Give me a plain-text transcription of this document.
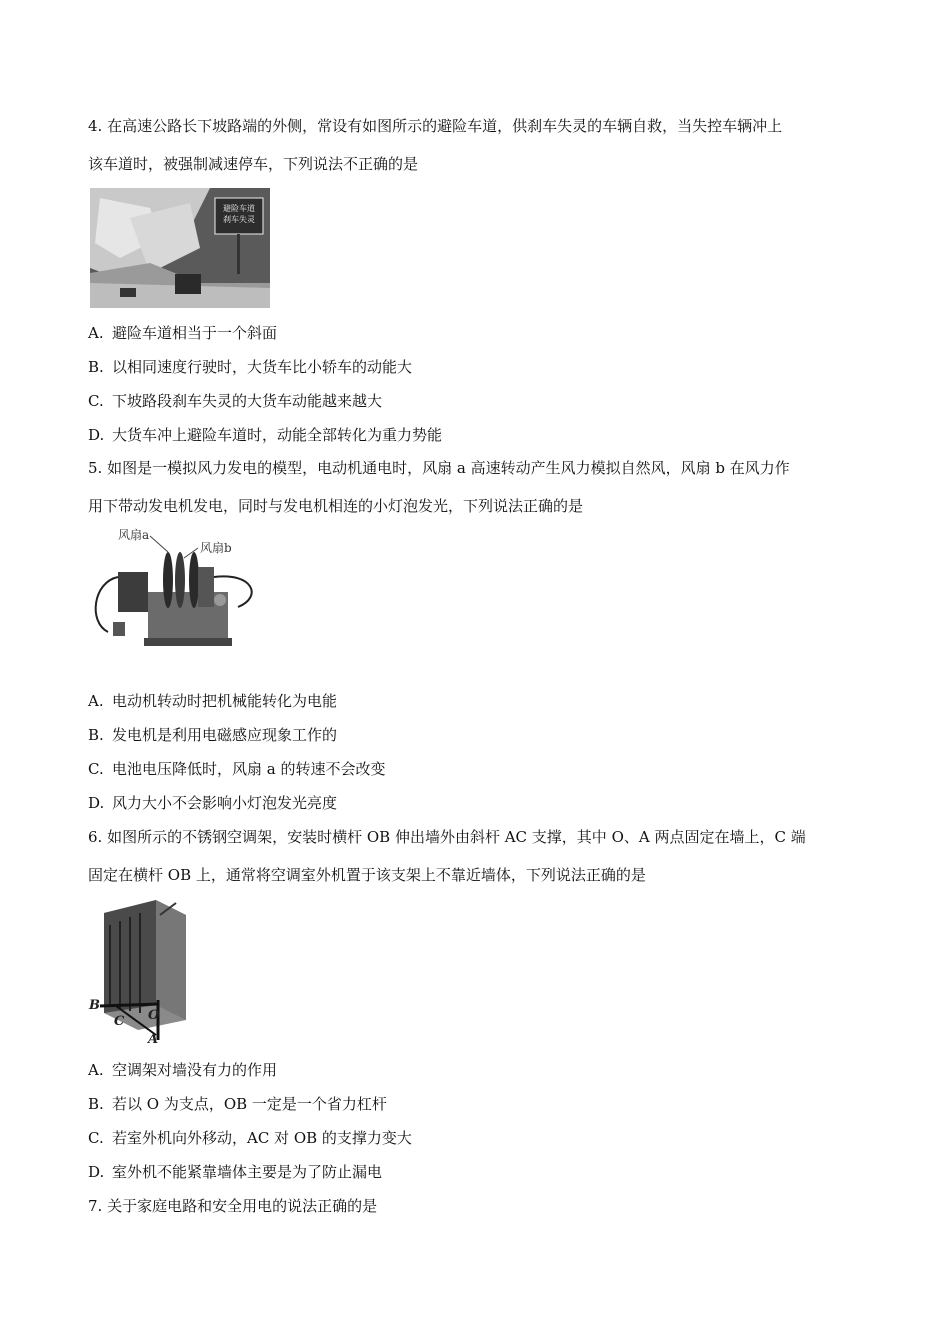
4. 在高速公路长下坡路端的外侧，常设有如图所示的避险车道，供刹车失灵的车辆自救，当失控车辆冲上
该车道时，被强制减速停车，下列说法不正确的是
避险车道
刹车失灵
A. 避险车道相当于一个斜面
B. 以相同速度行驶时，大货车比小轿车的动能大
C. 下坡路段刹车失灵的大货车动能越来越大
D. 大货车冲上避险车道时，动能全部转化为重力势能
5. 如图是一模拟风力发电的模型，电动机通电时，风扇 a 高速转动产生风力模拟自然风，风扇 b 在风力作
用下带动发电机发电，同时与发电机相连的小灯泡发光，下列说法正确的是
风扇a
风扇b
A. 电动机转动时把机械能转化为电能
B. 发电机是利用电磁感应现象工作的
C. 电池电压降低时，风扇 a 的转速不会改变
D. 风力大小不会影响小灯泡发光亮度
6. 如图所示的不锈钢空调架，安装时横杆 OB 伸出墙外由斜杆 AC 支撑，其中 O、A 两点固定在墙上，C 端
固定在横杆 OB 上，通常将空调室外机置于该支架上不靠近墙体，下列说法正确的是
B
C O
A
A. 空调架对墙没有力的作用
B. 若以 O 为支点，OB 一定是一个省力杠杆
C. 若室外机向外移动，AC 对 OB 的支撑力变大
D. 室外机不能紧靠墙体主要是为了防止漏电
7. 关于家庭电路和安全用电的说法正确的是
